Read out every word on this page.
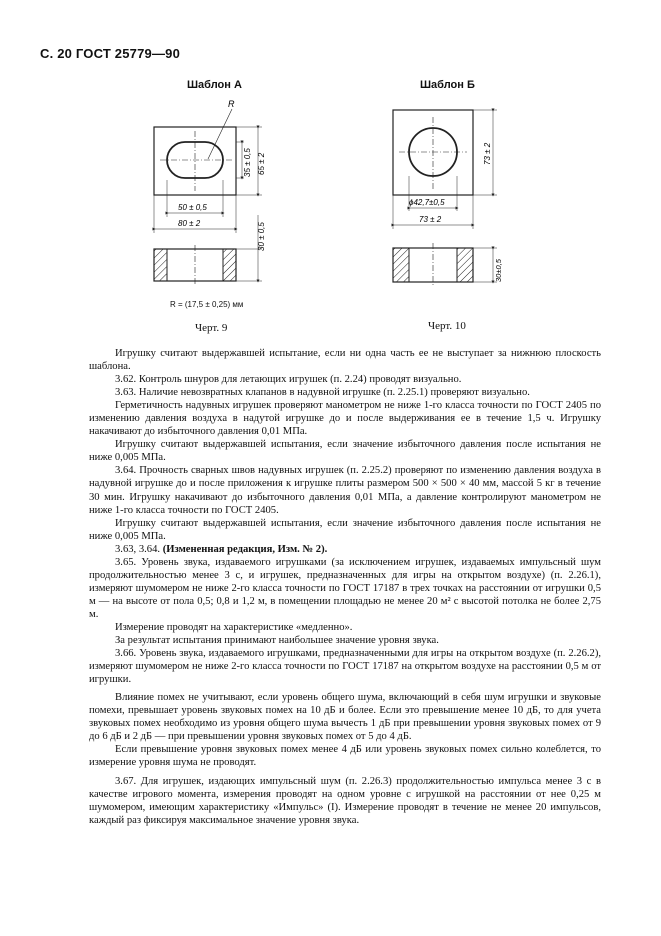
С. 20 ГОСТ 25779—90
Шаблон А
R
35 ± 0,5 65 ± 2
50 ± 0,5
80 ± 2	30 ± 0,5
R = (17,5 ± 0,25) мм
Черт. 9
Шаблон Б
73 ± 2
ϕ42,7±0,5
73 ± 2
30±0,5
Черт. 10

Игрушку считают выдержавшей испытание, если ни одна часть ее не выступает за нижнюю плоскость шаблона.

3.62. Контроль шнуров для летающих игрушек (п. 2.24) проводят визуально.

3.63. Наличие невозвратных клапанов в надувной игрушке (п. 2.25.1) проверяют визуально.

Герметичность надувных игрушек проверяют манометром не ниже 1-го класса точности по ГОСТ 2405 по изменению давления воздуха в надутой игрушке до и после выдерживания ее в течение 1,5 ч. Игрушку накачивают до избыточного давления 0,01 МПа.

Игрушку считают выдержавшей испытания, если значение избыточного давления после испытания не ниже 0,005 МПа.

3.64. Прочность сварных швов надувных игрушек (п. 2.25.2) проверяют по изменению давления воздуха в надувной игрушке до и после приложения к игрушке плиты размером 500 × 500 × 40 мм, массой 5 кг в течение 30 мин. Игрушку накачивают до избыточного давления 0,01 МПа, а давление контролируют манометром не ниже 1-го класса точности по ГОСТ 2405.

Игрушку считают выдержавшей испытания, если значение избыточного давления после испытания не ниже 0,005 МПа.

3.63, 3.64. (Измененная редакция, Изм. № 2).

3.65. Уровень звука, издаваемого игрушками (за исключением игрушек, издаваемых импульсный шум продолжительностью менее 3 с, и игрушек, предназначенных для игры на открытом воздухе) (п. 2.26.1), измеряют шумомером не ниже 2-го класса точности по ГОСТ 17187 в трех точках на расстоянии от игрушки 0,5 м — на высоте от пола 0,5; 0,8 и 1,2 м, в помещении площадью не менее 20 м² с высотой потолка не более 2,75 м.

Измерение проводят на характеристике «медленно».

За результат испытания принимают наибольшее значение уровня звука.

3.66. Уровень звука, издаваемого игрушками, предназначенными для игры на открытом воздухе (п. 2.26.2), измеряют шумомером не ниже 2-го класса точности по ГОСТ 17187 на открытом воздухе на расстоянии 0,5 м от игрушки.

Влияние помех не учитывают, если уровень общего шума, включающий в себя шум игрушки и звуковые помехи, превышает уровень звуковых помех на 10 дБ и более. Если это превышение менее 10 дБ, то для учета звуковых помех необходимо из уровня общего шума вычесть 1 дБ при превышении уровня звуковых помех от 9 до 6 дБ и 2 дБ — при превышении уровня звуковых помех от 5 до 4 дБ.

Если превышение уровня звуковых помех менее 4 дБ или уровень звуковых помех сильно колеблется, то измерение уровня шума не проводят.

3.67. Для игрушек, издающих импульсный шум (п. 2.26.3) продолжительностью импульса менее 3 с в качестве игрового момента, измерения проводят на одном уровне с игрушкой на расстоянии от нее 0,25 м шумомером, имеющим характеристику «Импульс» (I). Измерение проводят в течение не менее 20 импульсов, каждый раз фиксируя максимальное значение уровня звука.
